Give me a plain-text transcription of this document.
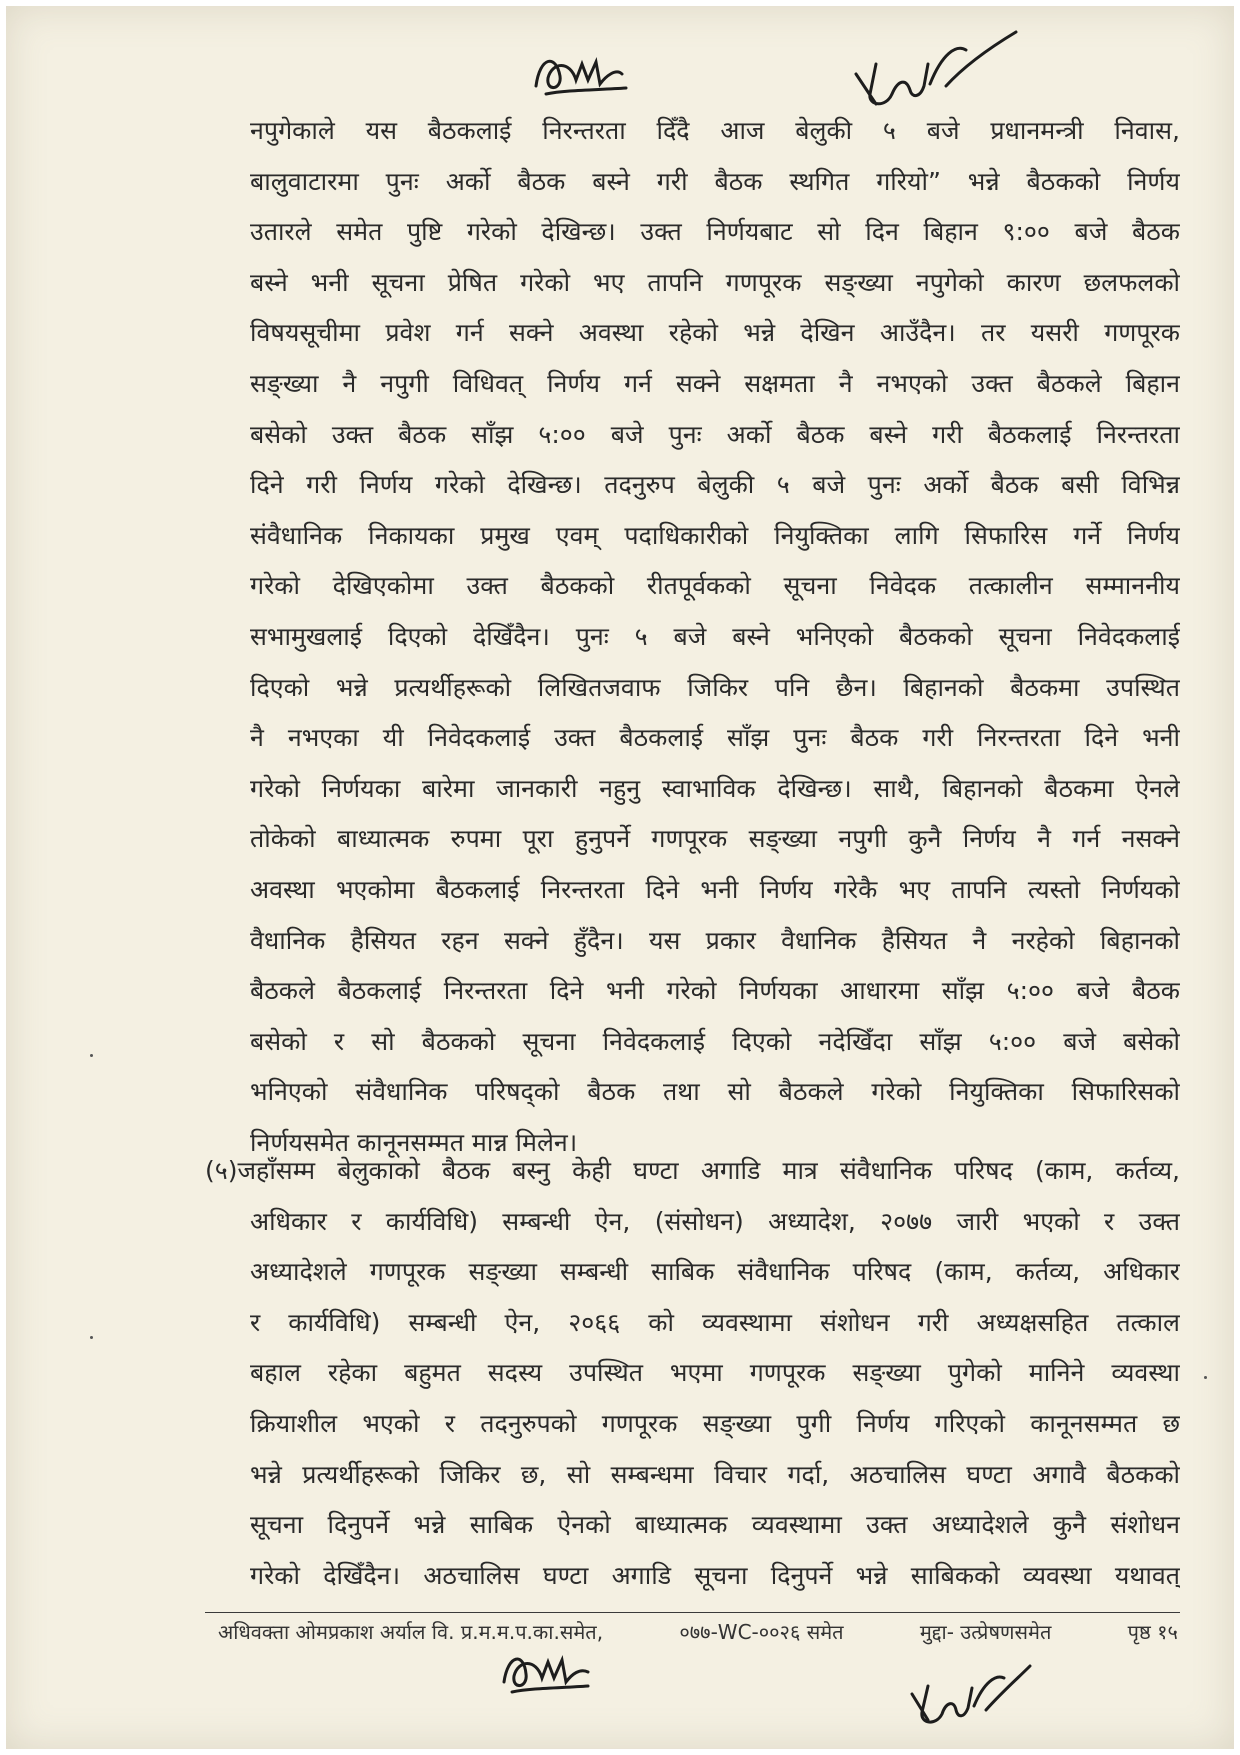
नपुगेकाले यस बैठकलाई निरन्तरता दिँदै आज बेलुकी ५ बजे प्रधानमन्त्री निवास,
बालुवाटारमा पुनः अर्को बैठक बस्ने गरी बैठक स्थगित गरियो” भन्ने बैठकको निर्णय
उतारले समेत पुष्टि गरेको देखिन्छ। उक्त निर्णयबाट सो दिन बिहान ९:०० बजे बैठक
बस्ने भनी सूचना प्रेषित गरेको भए तापनि गणपूरक सङ्ख्या नपुगेको कारण छलफलको
विषयसूचीमा प्रवेश गर्न सक्ने अवस्था रहेको भन्ने देखिन आउँदैन। तर यसरी गणपूरक
सङ्ख्या नै नपुगी विधिवत् निर्णय गर्न सक्ने सक्षमता नै नभएको उक्त बैठकले बिहान
बसेको उक्त बैठक साँझ ५:०० बजे पुनः अर्को बैठक बस्ने गरी बैठकलाई निरन्तरता
दिने गरी निर्णय गरेको देखिन्छ। तदनुरुप बेलुकी ५ बजे पुनः अर्को बैठक बसी विभिन्न
संवैधानिक निकायका प्रमुख एवम् पदाधिकारीको नियुक्तिका लागि सिफारिस गर्ने निर्णय
गरेको देखिएकोमा उक्त बैठकको रीतपूर्वकको सूचना निवेदक तत्कालीन सम्माननीय
सभामुखलाई दिएको देखिँदैन। पुनः ५ बजे बस्ने भनिएको बैठकको सूचना निवेदकलाई
दिएको भन्ने प्रत्यर्थीहरूको लिखितजवाफ जिकिर पनि छैन। बिहानको बैठकमा उपस्थित
नै नभएका यी निवेदकलाई उक्त बैठकलाई साँझ पुनः बैठक गरी निरन्तरता दिने भनी
गरेको निर्णयका बारेमा जानकारी नहुनु स्वाभाविक देखिन्छ। साथै, बिहानको बैठकमा ऐनले
तोकेको बाध्यात्मक रुपमा पूरा हुनुपर्ने गणपूरक सङ्ख्या नपुगी कुनै निर्णय नै गर्न नसक्ने
अवस्था भएकोमा बैठकलाई निरन्तरता दिने भनी निर्णय गरेकै भए तापनि त्यस्तो निर्णयको
वैधानिक हैसियत रहन सक्ने हुँदैन। यस प्रकार वैधानिक हैसियत नै नरहेको बिहानको
बैठकले बैठकलाई निरन्तरता दिने भनी गरेको निर्णयका आधारमा साँझ ५:०० बजे बैठक
बसेको र सो बैठकको सूचना निवेदकलाई दिएको नदेखिँदा साँझ ५:०० बजे बसेको
भनिएको संवैधानिक परिषद्को बैठक तथा सो बैठकले गरेको नियुक्तिका सिफारिसको
निर्णयसमेत कानूनसम्मत मान्न मिलेन।
(५)जहाँसम्म बेलुकाको बैठक बस्नु केही घण्टा अगाडि मात्र संवैधानिक परिषद (काम, कर्तव्य,
अधिकार र कार्यविधि) सम्बन्धी ऐन, (संसोधन) अध्यादेश, २०७७ जारी भएको र उक्त
अध्यादेशले गणपूरक सङ्ख्या सम्बन्धी साबिक संवैधानिक परिषद (काम, कर्तव्य, अधिकार
र कार्यविधि) सम्बन्धी ऐन, २०६६ को व्यवस्थामा संशोधन गरी अध्यक्षसहित तत्काल
बहाल रहेका बहुमत सदस्य उपस्थित भएमा गणपूरक सङ्ख्या पुगेको मानिने व्यवस्था
क्रियाशील भएको र तदनुरुपको गणपूरक सङ्ख्या पुगी निर्णय गरिएको कानूनसम्मत छ
भन्ने प्रत्यर्थीहरूको जिकिर छ, सो सम्बन्धमा विचार गर्दा, अठचालिस घण्टा अगावै बैठकको
सूचना दिनुपर्ने भन्ने साबिक ऐनको बाध्यात्मक व्यवस्थामा उक्त अध्यादेशले कुनै संशोधन
गरेको देखिँदैन। अठचालिस घण्टा अगाडि सूचना दिनुपर्ने भन्ने साबिकको व्यवस्था यथावत्
अधिवक्ता ओमप्रकाश अर्याल वि. प्र.म.म.प.का.समेत,	०७७-WC-००२६ समेत	मुद्दा- उत्प्रेषणसमेत	पृष्ठ १५
